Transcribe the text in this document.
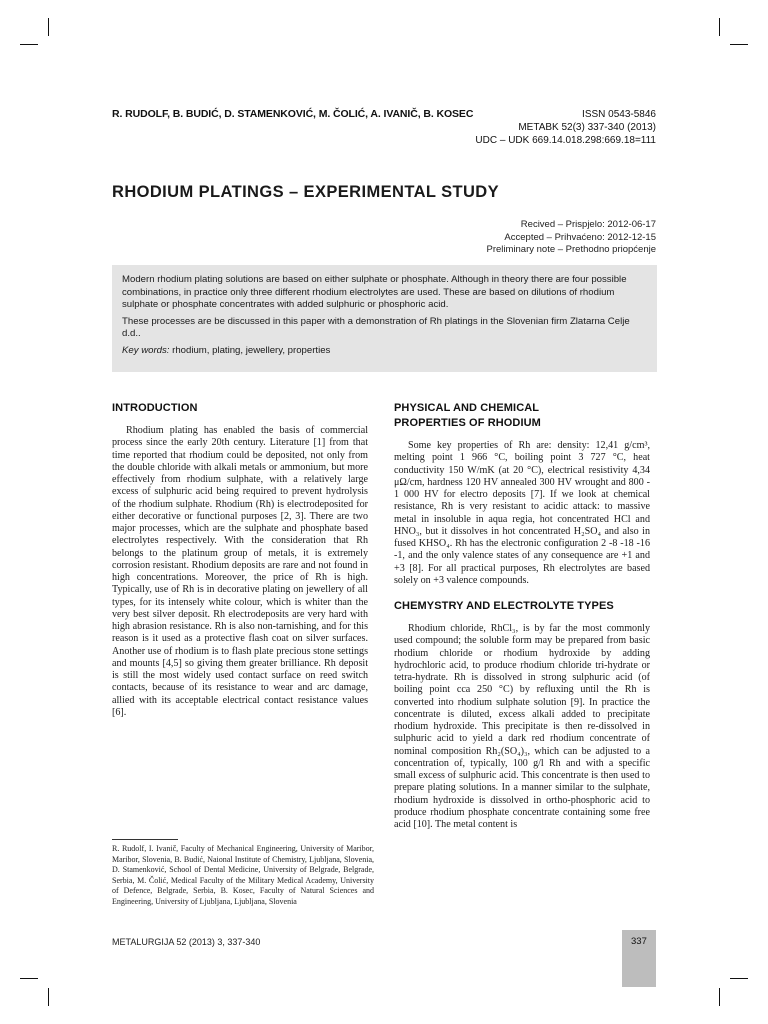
R. RUDOLF, B. BUDIĆ, D. STAMENKOVIĆ, M. ČOLIĆ, A. IVANIČ, B. KOSEC	ISSN 0543-5846
METABK 52(3) 337-340 (2013)
UDC – UDK 669.14.018.298:669.18=111
RHODIUM PLATINGS – EXPERIMENTAL STUDY
Recived – Prispjelo: 2012-06-17
Accepted – Prihvaćeno: 2012-12-15
Preliminary note – Prethodno priopćenje

Modern rhodium plating solutions are based on either sulphate or phosphate. Although in theory there are four possible combinations, in practice only three different rhodium electrolytes are used. These are based on dilutions of rhodium sulphate or phosphate concentrates with added sulphuric or phosphoric acid.

These processes are be discussed in this paper with a demonstration of Rh platings in the Slovenian firm Zlatarna Celje d.d..

Key words: rhodium, plating, jewellery, properties

INTRODUCTION

Rhodium plating has enabled the basis of commercial process since the early 20th century. Literature [1] from that time reported that rhodium could be deposited, not only from the double chloride with alkali metals or ammonium, but more effectively from rhodium sulphate, with a relatively large excess of sulphuric acid being required to prevent hydrolysis of the rhodium sulphate. Rhodium (Rh) is electrodeposited for either decorative or functional purposes [2, 3]. There are two major processes, which are the sulphate and phosphate based electrolytes respectively. With the consideration that Rh belongs to the platinum group of metals, it is extremely corrosion resistant. Rhodium deposits are rare and not found in high concentrations. Moreover, the price of Rh is high. Typically, use of Rh is in decorative plating on jewellery of all types, for its intensely white colour, which is whiter than the very best silver deposit. Rh electrodeposits are very hard with high abrasion resistance. Rh is also non-tarnishing, and for this reason is it used as a protective flash coat on silver surfaces. Another use of rhodium is to flash plate precious stone settings and mounts [4,5] so giving them greater brilliance. Rh deposit is still the most widely used contact surface on reed switch contacts, because of its resistance to wear and arc damage, allied with its acceptable electrical contact resistance values [6].

PHYSICAL AND CHEMICAL
PROPERTIES OF RHODIUM

Some key properties of Rh are: density: 12,41 g/cm³, melting point 1 966 °C, boiling point 3 727 °C, heat conductivity 150 W/mK (at 20 °C), electrical resistivity 4,34 μΩ/cm, hardness 120 HV annealed 300 HV wrought and 800 - 1 000 HV for electro deposits [7]. If we look at chemical resistance, Rh is very resistant to acidic attack: to massive metal in insoluble in aqua regia, hot concentrated HCl and HNO₃, but it dissolves in hot concentrated H₂SO₄ and also in fused KHSO₄. Rh has the electronic configuration 2 -8 -18 -16 -1, and the only valence states of any consequence are +1 and +3 [8]. For all practical purposes, Rh electrolytes are based solely on +3 valence compounds.

CHEMYSTRY AND ELECTROLYTE TYPES

Rhodium chloride, RhCl₃, is by far the most commonly used compound; the soluble form may be prepared from basic rhodium chloride or rhodium hydroxide by adding hydrochloric acid, to produce rhodium chloride tri-hydrate or tetra-hydrate. Rh is dissolved in strong sulphuric acid (of boiling point cca 250 °C) by refluxing until the Rh is converted into rhodium sulphate solution [9]. In practice the concentrate is diluted, excess alkali added to precipitate rhodium hydroxide. This precipitate is then re-dissolved in sulphuric acid to yield a dark red rhodium concentrate of nominal composition Rh₂(SO₄)₃, which can be adjusted to a concentration of, typically, 100 g/l Rh and with a specific small excess of sulphuric acid. This concentrate is then used to prepare plating solutions. In a manner similar to the sulphate, rhodium hydroxide is dissolved in ortho-phosphoric acid to produce rhodium phosphate concentrate containing some free acid [10]. The metal content is

R. Rudolf, I. Ivanič, Faculty of Mechanical Engineering, University of Maribor, Maribor, Slovenia, B. Budić, Naional Institute of Chemistry, Ljubljana, Slovenia, D. Stamenković, School of Dental Medicine, University of Belgrade, Belgrade, Serbia, M. Čolić, Medical Faculty of the Military Medical Academy, University of Defence, Belgrade, Serbia, B. Kosec, Faculty of Natural Sciences and Engineering, University of Ljubljana, Ljubljana, Slovenia
METALURGIJA 52 (2013) 3, 337-340	337
